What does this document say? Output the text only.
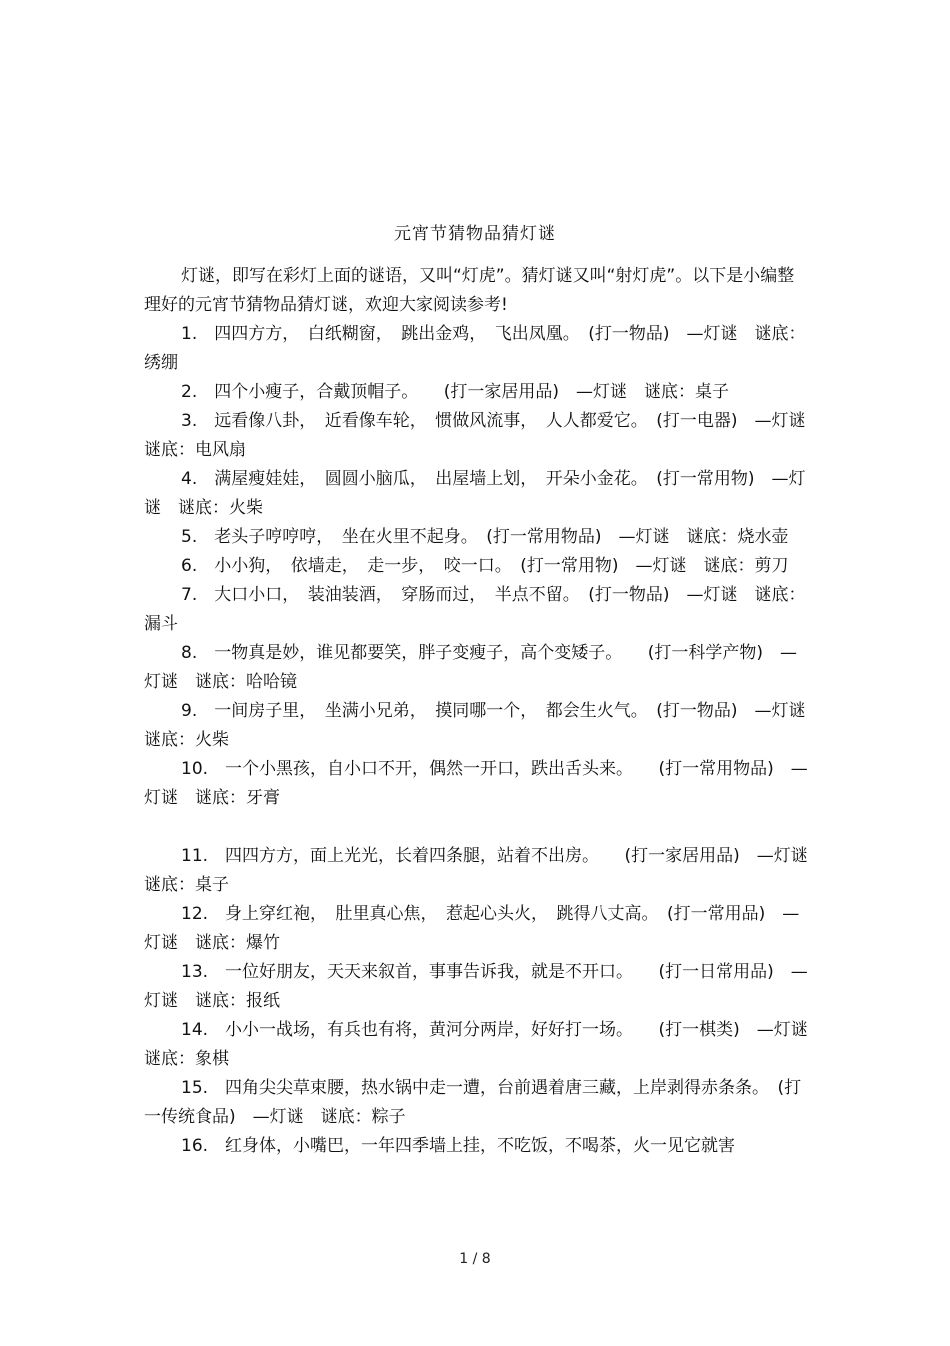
元宵节猜物品猜灯谜

灯谜，即写在彩灯上面的谜语，又叫“灯虎”。猜灯谜又叫“射灯虎”。以下是小编整理好的元宵节猜物品猜灯谜，欢迎大家阅读参考!

1.　四四方方，　白纸糊窗，　跳出金鸡，　飞出凤凰。　(打一物品)　—灯谜　谜底：绣绷

2.　四个小瘦子，合戴顶帽子。　　(打一家居用品)　—灯谜　谜底：桌子

3.　远看像八卦，　近看像车轮，　惯做风流事，　人人都爱它。　(打一电器)　—灯谜　谜底：电风扇

4.　满屋瘦娃娃，　圆圆小脑瓜，　出屋墙上划，　开朵小金花。　(打一常用物)　—灯谜　谜底：火柴

5.　老头子哼哼哼，　坐在火里不起身。　(打一常用物品)　—灯谜　谜底：烧水壶

6.　小小狗，　依墙走，　走一步，　咬一口。　(打一常用物)　—灯谜　谜底：剪刀

7.　大口小口，　装油装酒，　穿肠而过，　半点不留。　(打一物品)　—灯谜　谜底：漏斗

8.　一物真是妙，谁见都要笑，胖子变瘦子，高个变矮子。　　(打一科学产物)　—灯谜　谜底：哈哈镜

9.　一间房子里，　坐满小兄弟，　摸同哪一个，　都会生火气。　(打一物品)　—灯谜　谜底：火柴

10.　一个小黑孩，自小口不开，偶然一开口，跌出舌头来。　　(打一常用物品)　—灯谜　谜底：牙膏

11.　四四方方，面上光光，长着四条腿，站着不出房。　　(打一家居用品)　—灯谜　谜底：桌子

12.　身上穿红袍，　肚里真心焦，　惹起心头火，　跳得八丈高。　(打一常用品)　—灯谜　谜底：爆竹

13.　一位好朋友，天天来叙首，事事告诉我，就是不开口。　　(打一日常用品)　—灯谜　谜底：报纸

14.　小小一战场，有兵也有将，黄河分两岸，好好打一场。　　(打一棋类)　—灯谜　谜底：象棋

15.　四角尖尖草束腰，热水锅中走一遭，台前遇着唐三藏，上岸剥得赤条条。　(打一传统食品)　—灯谜　谜底：粽子

16.　红身体，小嘴巴，一年四季墙上挂，不吃饭，不喝茶，火一见它就害

1 / 8
